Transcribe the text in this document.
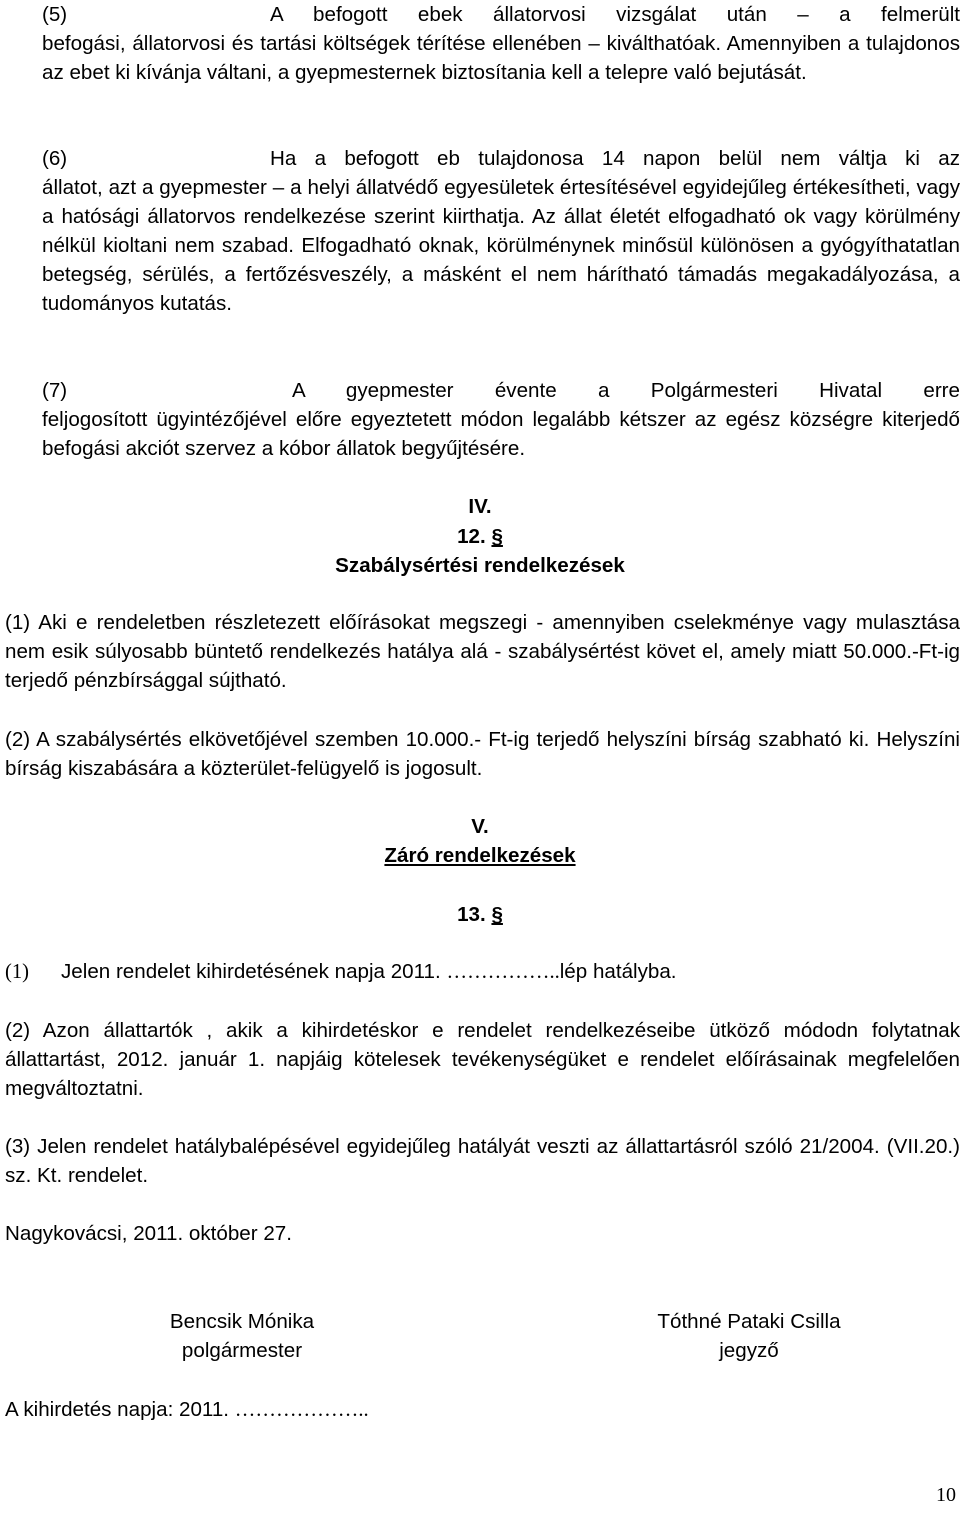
(5)	A befogott ebek állatorvosi vizsgálat után – a felmerült

befogási, állatorvosi és tartási költségek térítése ellenében – kiválthatóak. Amennyiben a tulajdonos az ebet ki kívánja váltani, a gyepmesternek biztosítania kell a telepre való bejutását.

(6)	Ha a befogott eb tulajdonosa 14 napon belül nem váltja ki az

állatot, azt a gyepmester – a helyi állatvédő egyesületek értesítésével egyidejűleg értékesítheti, vagy a hatósági állatorvos rendelkezése szerint kiirthatja. Az állat életét elfogadható ok vagy körülmény nélkül kioltani nem szabad. Elfogadható oknak, körülménynek minősül különösen a gyógyíthatatlan betegség, sérülés, a fertőzésveszély, a másként el nem hárítható támadás megakadályozása, a tudományos kutatás.

(7)	A gyepmester évente a Polgármesteri Hivatal erre

feljogosított ügyintézőjével előre egyeztetett módon legalább kétszer az egész községre kiterjedő befogási akciót szervez a kóbor állatok begyűjtésére.

IV.

12. §

Szabálysértési rendelkezések

(1) Aki e rendeletben részletezett előírásokat megszegi - amennyiben cselekménye vagy mulasztása nem esik súlyosabb büntető rendelkezés hatálya alá - szabálysértést követ el, amely miatt 50.000.-Ft-ig terjedő pénzbírsággal sújtható.

(2) A szabálysértés elkövetőjével szemben 10.000.- Ft-ig terjedő helyszíni bírság szabható ki. Helyszíni bírság kiszabására a közterület-felügyelő is jogosult.

V.

Záró rendelkezések

13. §

(1) Jelen rendelet kihirdetésének napja 2011. ……………..lép hatályba.

(2) Azon állattartók , akik a kihirdetéskor e rendelet rendelkezéseibe ütköző módodn folytatnak állattartást, 2012. január 1. napjáig kötelesek tevékenységüket e rendelet előírásainak megfelelően megváltoztatni.

(3) Jelen rendelet hatálybalépésével egyidejűleg hatályát veszti az állattartásról szóló 21/2004. (VII.20.) sz. Kt. rendelet.

Nagykovácsi, 2011. október 27.

Bencsik Mónika

polgármester

Tóthné Pataki Csilla

jegyző

A kihirdetés napja: 2011. ………………..
10
